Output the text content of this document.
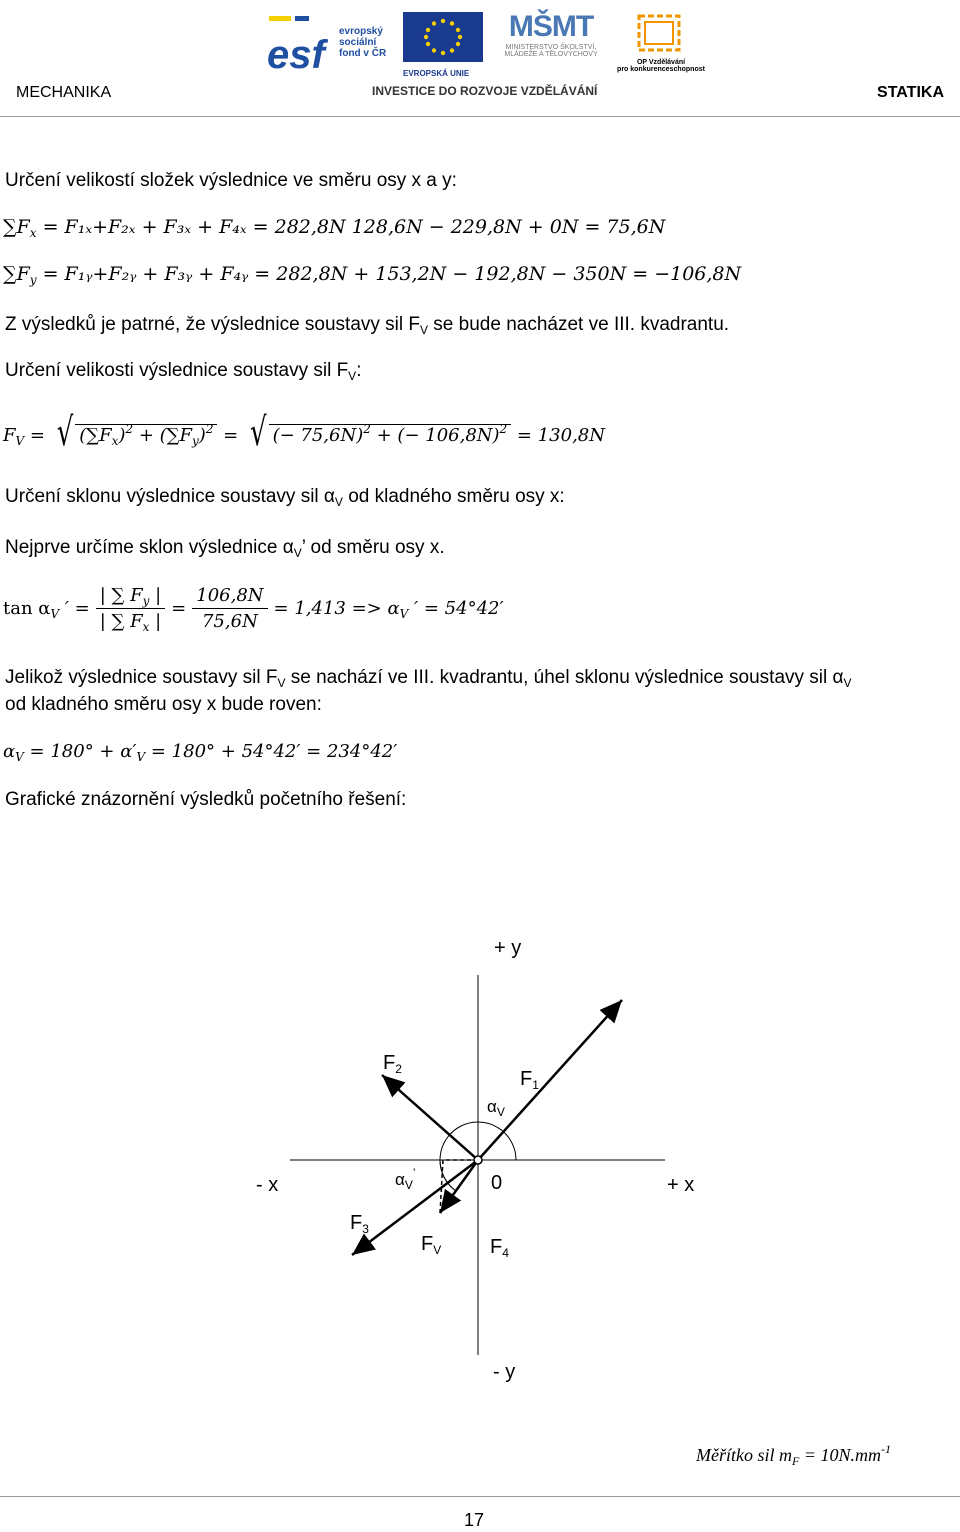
MECHANIKA	STATIKA
esf
evropský
sociální
fond v ČR
EVROPSKÁ UNIE
MŠMT
MINISTERSTVO ŠKOLSTVÍ,
MLÁDEŽE A TĚLOVÝCHOVY
OP Vzdělávání
pro konkurenceschopnost
INVESTICE DO ROZVOJE VZDĚLÁVÁNÍ
Určení velikostí složek výslednice ve směru osy x a y:
$\sum F_x = F_{1x}+F_{2x} + F_{3x} + F_{4x} = 282,8N$ 128,6N − 229,8N + 0N = 75,6N
$\sum F_y$ = F₁ᵧ+F₂ᵧ + F₃ᵧ + F₄ᵧ = 282,8N + 153,2N − 192,8N − 350N = −106,8N
Z výsledků je patrné, že výslednice soustavy sil $F_V$ se bude nacházet ve III. kvadrantu.
Určení velikosti výslednice soustavy sil $F_V$:
$F_V$ = √ $(\sum F_x)^2 + (\sum F_y)^2$ = √ (− 75,6N)$^2$ + (− 106,8N)$^2$ = 130,8N
Určení sklonu výslednice soustavy sil $\alpha_V$ od kladného směru osy x:
Nejprve určíme sklon výslednice $\alpha_V$’ od směru osy x.
$\tan \alpha_V$ ′ = $\frac{| \sum F_y |}{| \sum F_x |} = \frac{106,8N}{75,6N} = 1,413 => \alpha_V$ ′ = 54°42′
Jelikož výslednice soustavy sil $F_V$ se nachází ve III. kvadrantu, úhel sklonu výslednice soustavy sil $\alpha_V$
od kladného směru osy x bude roven:
$\alpha_V = 180^\circ + \alpha'_V = 180^\circ + 54^\circ 42' = 234^\circ 42'$
Grafické znázornění výsledků početního řešení:
+ y
- y
+ x
- x	0
$F_1$
$F_2$
$F_3$
$F_4$
$F_V$
$\alpha_V$
$\alpha_V^’$
Měřítko sil $m_F = 10N.mm^{-1}$
17
